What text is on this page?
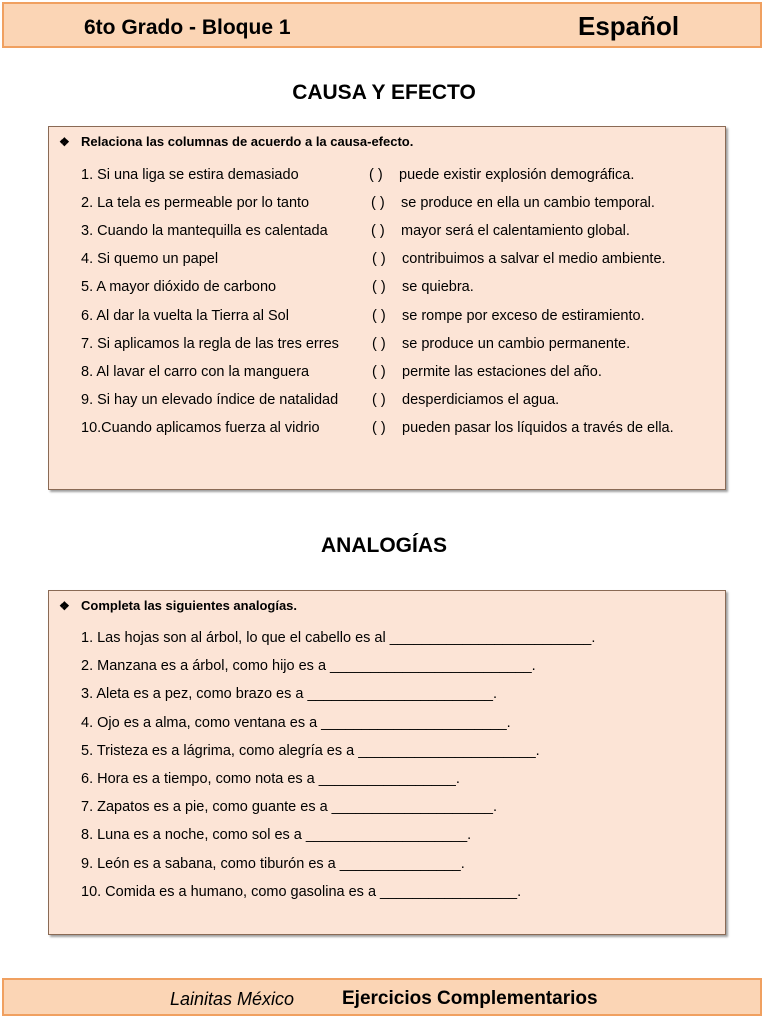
6to Grado - Bloque 1	Español
CAUSA Y EFECTO
❖ Relaciona las columnas de acuerdo a la causa-efecto.
1. Si una liga se estira demasiado	( ) puede existir explosión demográfica.
2. La tela es permeable por lo tanto	( ) se produce en ella un cambio temporal.
3. Cuando la mantequilla es calentada	( ) mayor será el calentamiento global.
4. Si quemo un papel	( ) contribuimos a salvar el medio ambiente.
5. A mayor dióxido de carbono	( ) se quiebra.
6. Al dar la vuelta la Tierra al Sol	( ) se rompe por exceso de estiramiento.
7. Si aplicamos la regla de las tres erres ( ) se produce un cambio permanente.
8. Al lavar el carro con la manguera	( ) permite las estaciones del año.
9. Si hay un elevado índice de natalidad ( ) desperdiciamos el agua.
10.Cuando aplicamos fuerza al vidrio	( ) pueden pasar los líquidos a través de ella.
ANALOGÍAS
❖ Completa las siguientes analogías.
1. Las hojas son al árbol, lo que el cabello es al _________________________.
2. Manzana es a árbol, como hijo es a _________________________.
3. Aleta es a pez, como brazo es a _______________________.
4. Ojo es a alma, como ventana es a _______________________.
5. Tristeza es a lágrima, como alegría es a ______________________.
6. Hora es a tiempo, como nota es a _________________.
7. Zapatos es a pie, como guante es a ____________________.
8. Luna es a noche, como sol es a ____________________.
9. León es a sabana, como tiburón es a _______________.
10. Comida es a humano, como gasolina es a _________________.
Lainitas México	Ejercicios Complementarios
